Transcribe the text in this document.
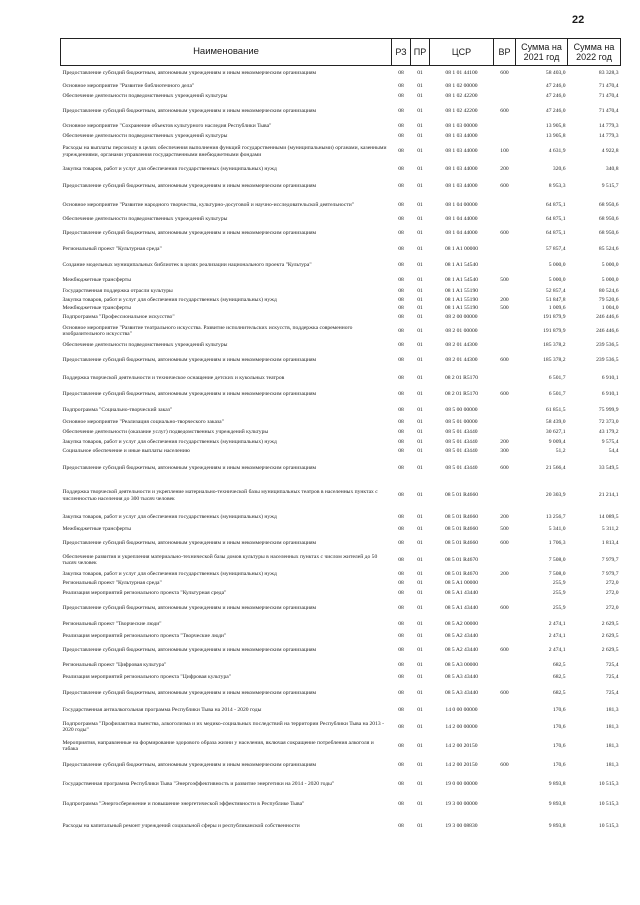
22
Наименование	РЗ	ПР	ЦСР	ВР	Сумма на 2021 год	Сумма на 2022 год
Предоставление субсидий бюджетным, автономным учреждениям и иным некоммерческим организациям	08	01	08 1 01 44100	600	58 403,0	83 328,3
Основное мероприятие "Развитие библиотечного дела"	08	01	08 1 02 00000		47 246,0	71 470,4
Обеспечение деятельности подведомственных учреждений культуры	08	01	08 1 02 42200		47 246,0	71 470,4
Предоставление субсидий бюджетным, автономным учреждениям и иным некоммерческим организациям	08	01	08 1 02 42200	600	47 246,0	71 470,4
Основное мероприятие "Сохранение объектов культурного наследия Республики Тыва"	08	01	08 1 03 00000		13 905,8	14 779,3
Обеспечение деятельности подведомственных учреждений культуры	08	01	08 1 03 44000		13 905,8	14 779,3
Расходы на выплаты персоналу в целях обеспечения выполнения функций государственными (муниципальными) органами, казенными учреждениями, органами управления государственными внебюджетными фондами	08	01	08 1 03 44000	100	4 631,9	4 922,8
Закупка товаров, работ и услуг для обеспечения государственных (муниципальных) нужд	08	01	08 1 03 44000	200	320,6	340,8
Предоставление субсидий бюджетным, автономным учреждениям и иным некоммерческим организациям	08	01	08 1 03 44000	600	8 953,3	9 515,7
Основное мероприятие "Развитие народного творчества, культурно-досуговой и научно-исследовательской деятельности"	08	01	08 1 04 00000		64 875,1	68 950,6
Обеспечение деятельности подведомственных учреждений культуры	08	01	08 1 04 44000		64 875,1	68 950,6
Предоставление субсидий бюджетным, автономным учреждениям и иным некоммерческим организациям	08	01	08 1 04 44000	600	64 875,1	68 950,6
Региональный проект "Культурная среда"	08	01	08 1 A1 00000		57 857,4	85 524,6
Создание модельных муниципальных библиотек в целях реализации национального проекта "Культура"	08	01	08 1 A1 54540		5 000,0	5 000,0
Межбюджетные трансферты	08	01	08 1 A1 54540	500	5 000,0	5 000,0
Государственная поддержка отрасли культуры	08	01	08 1 A1 55190		52 857,4	80 524,6
Закупка товаров, работ и услуг для обеспечения государственных (муниципальных) нужд	08	01	08 1 A1 55190	200	51 847,8	79 520,6
Межбюджетные трансферты	08	01	08 1 A1 55190	500	1 009,6	1 004,0
Подпрограмма "Профессиональное искусство"	08	01	08 2 00 00000		191 879,9	246 446,6
Основное мероприятие "Развитие театрального искусства. Развитие исполнительских искусств, поддержка современного изобразительного искусства"	08	01	08 2 01 00000		191 879,9	246 446,6
Обеспечение деятельности подведомственных учреждений культуры	08	01	08 2 01 44300		185 378,2	239 536,5
Предоставление субсидий бюджетным, автономным учреждениям и иным некоммерческим организациям	08	01	08 2 01 44300	600	185 378,2	239 536,5
Поддержка творческой деятельности и техническое оснащение детских и кукольных театров	08	01	08 2 01 R5170		6 501,7	6 910,1
Предоставление субсидий бюджетным, автономным учреждениям и иным некоммерческим организациям	08	01	08 2 01 R5170	600	6 501,7	6 910,1
Подпрограмма "Социально-творческий заказ"	08	01	08 5 00 00000		61 851,5	75 999,9
Основное мероприятие "Реализация социально-творческого заказа"	08	01	08 5 01 00000		58 439,0	72 373,0
Обеспечение деятельности (оказание услуг) подведомственных учреждений культуры	08	01	08 5 01 43440		30 627,1	43 179,2
Закупка товаров, работ и услуг для обеспечения государственных (муниципальных) нужд	08	01	08 5 01 43440	200	9 009,4	9 575,4
Социальное обеспечение и иные выплаты населению	08	01	08 5 01 43440	300	51,2	54,4
Предоставление субсидий бюджетным, автономным учреждениям и иным некоммерческим организациям	08	01	08 5 01 43440	600	21 566,4	33 549,5
Поддержка творческой деятельности и укрепление материально-технической базы муниципальных театров в населенных пунктах с численностью населения до 300 тысяч человек	08	01	08 5 01 R4660		20 303,9	21 214,1
Закупка товаров, работ и услуг для обеспечения государственных (муниципальных) нужд	08	01	08 5 01 R4660	200	13 256,7	14 089,5
Межбюджетные трансферты	08	01	08 5 01 R4660	500	5 341,0	5 311,2
Предоставление субсидий бюджетным, автономным учреждениям и иным некоммерческим организациям	08	01	08 5 01 R4660	600	1 706,3	1 813,4
Обеспечение развития и укрепления материально-технической базы домов культуры в населенных пунктах с числом жителей до 50 тысяч человек	08	01	08 5 01 R4670		7 508,0	7 979,7
Закупка товаров, работ и услуг для обеспечения государственных (муниципальных) нужд	08	01	08 5 01 R4670	200	7 508,0	7 979,7
Региональный проект "Культурная среда"	08	01	08 5 A1 00000		255,9	272,0
Реализация мероприятий регионального проекта "Культурная среда"	08	01	08 5 A1 43440		255,9	272,0
Предоставление субсидий бюджетным, автономным учреждениям и иным некоммерческим организациям	08	01	08 5 A1 43440	600	255,9	272,0
Региональный проект "Творческие люди"	08	01	08 5 A2 00000		2 474,1	2 629,5
Реализация мероприятий регионального проекта "Творческие люди"	08	01	08 5 A2 43440		2 474,1	2 629,5
Предоставление субсидий бюджетным, автономным учреждениям и иным некоммерческим организациям	08	01	08 5 A2 43440	600	2 474,1	2 629,5
Региональный проект "Цифровая культура"	08	01	08 5 A3 00000		682,5	725,4
Реализация мероприятий регионального проекта "Цифровая культура"	08	01	08 5 A3 43440		682,5	725,4
Предоставление субсидий бюджетным, автономным учреждениям и иным некоммерческим организациям	08	01	08 5 A3 43440	600	682,5	725,4
Государственная антиалкогольная программа Республики Тыва на 2014 - 2020 годы	08	01	14 0 00 00000		170,6	181,3
Подпрограмма "Профилактика пьянства, алкоголизма и их медико-социальных последствий на территории Республики Тыва на 2013 - 2020 годы"	08	01	14 2 00 00000		170,6	181,3
Мероприятия, направленные на формирование здорового образа жизни у населения, включая сокращение потребления алкоголя и табака	08	01	14 2 00 20150		170,6	181,3
Предоставление субсидий бюджетным, автономным учреждениям и иным некоммерческим организациям	08	01	14 2 00 20150	600	170,6	181,3
Государственная программа Республики Тыва "Энергоэффективность и развитие энергетики на 2014 - 2020 годы"	08	01	19 0 00 00000		9 893,8	10 515,3
Подпрограмма "Энергосбережение и повышение энергетической эффективности в Республике Тыва"	08	01	19 3 00 00000		9 893,8	10 515,3
Расходы на капитальный ремонт учреждений социальной сферы и республиканской собственности	08	01	19 3 00 08830		9 893,8	10 515,3
